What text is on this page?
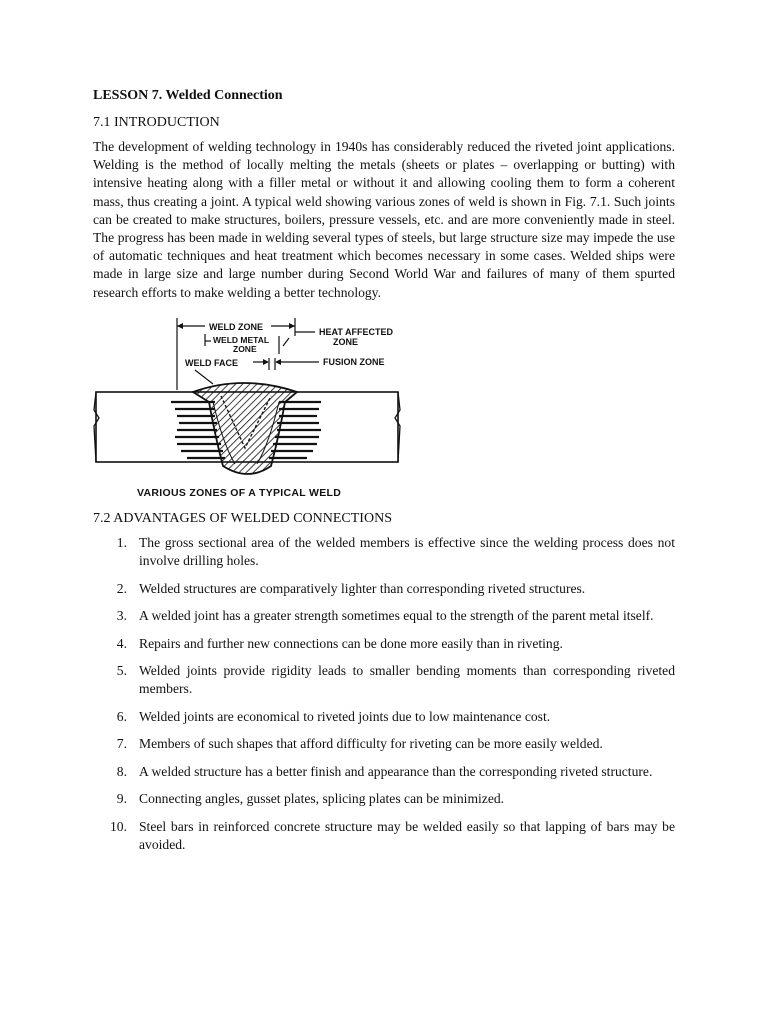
LESSON 7. Welded Connection
7.1 INTRODUCTION

The development of welding technology in 1940s has considerably reduced the riveted joint applications. Welding is the method of locally melting the metals (sheets or plates – overlapping or butting) with intensive heating along with a filler metal or without it and allowing cooling them to form a coherent mass, thus creating a joint. A typical weld showing various zones of weld is shown in Fig. 7.1. Such joints can be created to make structures, boilers, pressure vessels, etc. and are more conveniently made in steel. The progress has been made in welding several types of steels, but large structure size may impede the use of automatic techniques and heat treatment which becomes necessary in some cases. Welded ships were made in large size and large number during Second World War and failures of many of them spurted research efforts to make welding a better technology.

WELD ZONE
WELD METAL
ZONE
HEAT AFFECTED
ZONE
WELD FACE	FUSION ZONE
VARIOUS ZONES OF A TYPICAL WELD
7.2 ADVANTAGES OF WELDED CONNECTIONS
1. The gross sectional area of the welded members is effective since the welding process does not involve drilling holes.
2. Welded structures are comparatively lighter than corresponding riveted structures.
3. A welded joint has a greater strength sometimes equal to the strength of the parent metal itself.
4. Repairs and further new connections can be done more easily than in riveting.
5. Welded joints provide rigidity leads to smaller bending moments than corresponding riveted members.
6. Welded joints are economical to riveted joints due to low maintenance cost.
7. Members of such shapes that afford difficulty for riveting can be more easily welded.
8. A welded structure has a better finish and appearance than the corresponding riveted structure.
9. Connecting angles, gusset plates, splicing plates can be minimized.
10. Steel bars in reinforced concrete structure may be welded easily so that lapping of bars may be avoided.
